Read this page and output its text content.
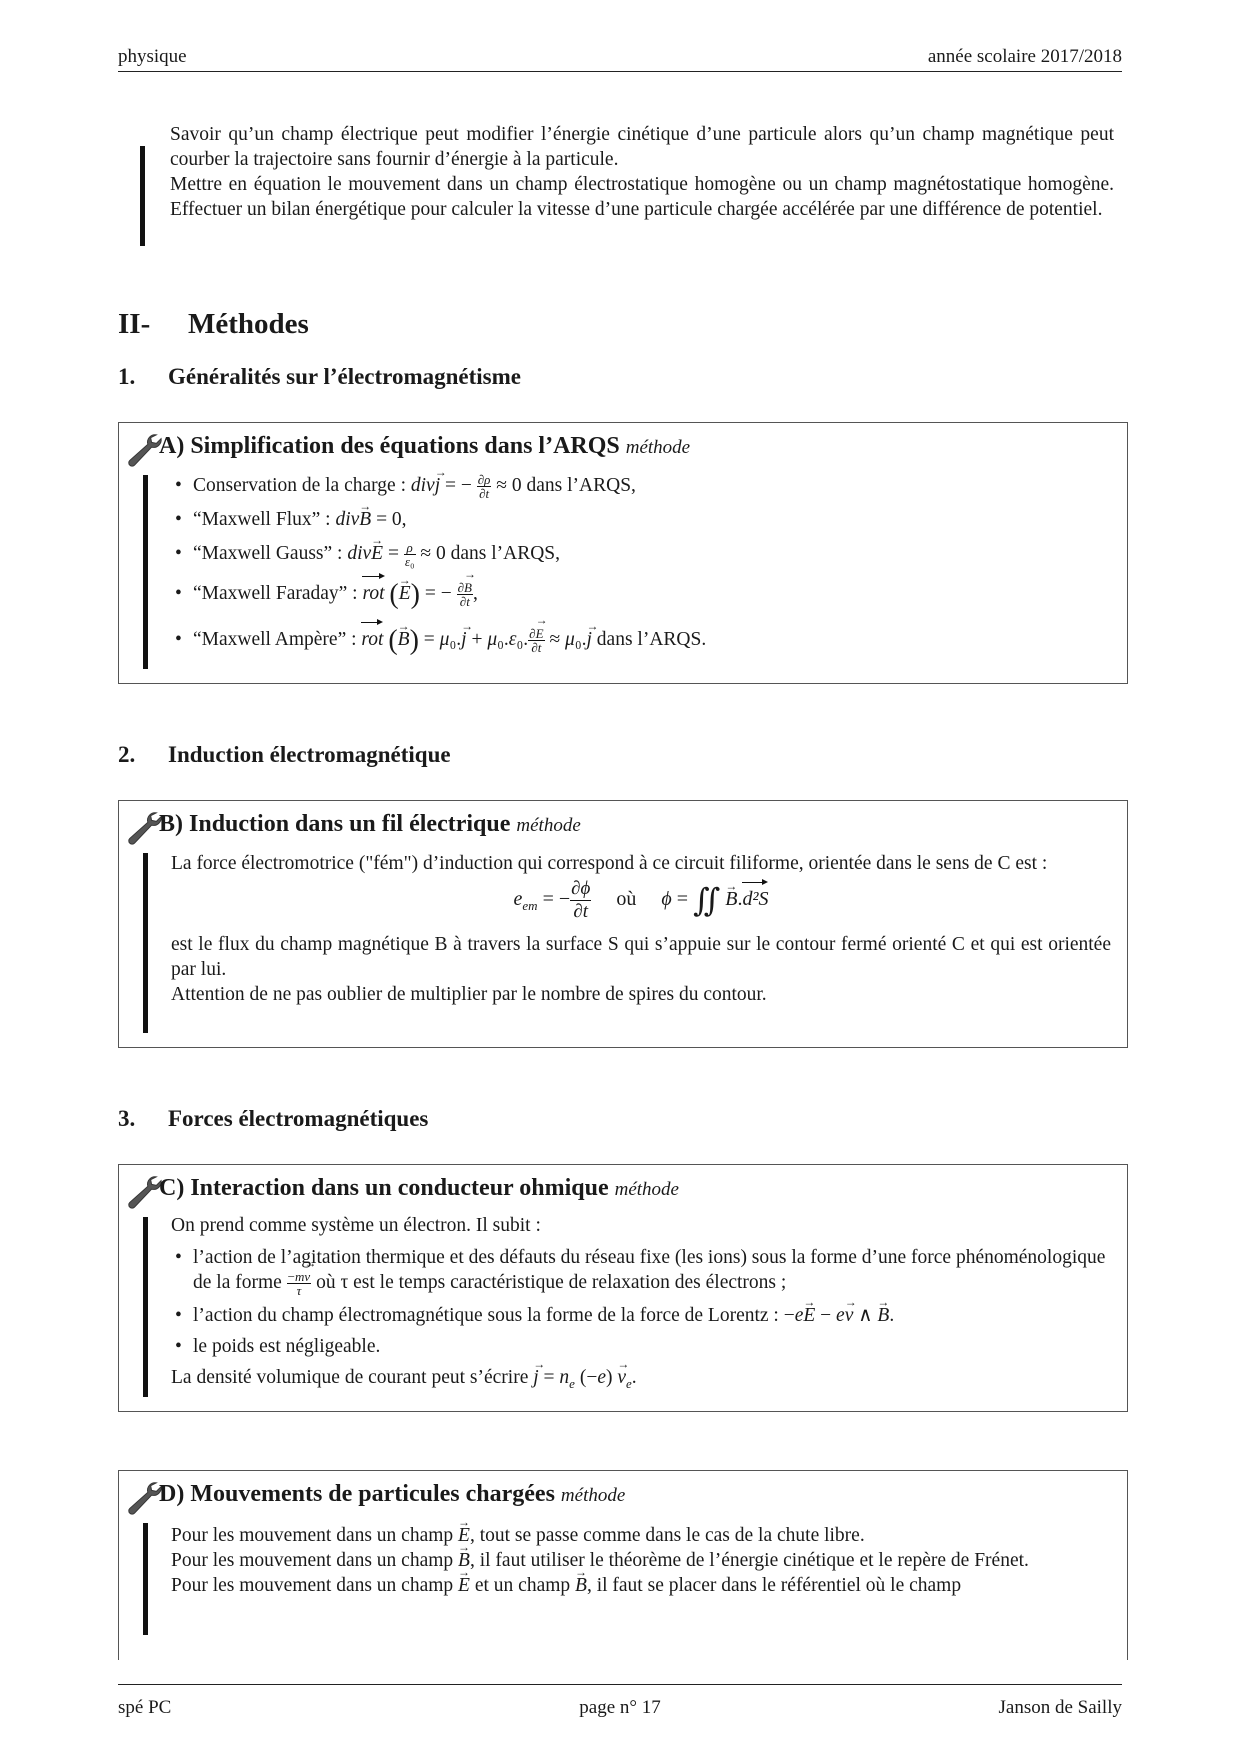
physique	année scolaire 2017/2018

Savoir qu’un champ électrique peut modifier l’énergie cinétique d’une particule alors qu’un champ magnétique peut courber la trajectoire sans fournir d’énergie à la particule.

Mettre en équation le mouvement dans un champ électrostatique homogène ou un champ magnétostatique homogène. Effectuer un bilan énergétique pour calculer la vitesse d’une particule chargée accélérée par une différence de potentiel.

II- Méthodes
1. Généralités sur l’électromagnétisme
A) Simplification des équations dans l’ARQS méthode
• Conservation de la charge : div→ j = − $\frac{\partial\rho}{\partial t} \approx 0$ dans l’ARQS,
• “Maxwell Flux” : div→ B = 0,
• “Maxwell Gauss” : $div\to E = \frac{\rho}{\text{ε₀}} \approx 0$ dans l’ARQS,
• “Maxwell Faraday” : rot (→ E) = − $\frac{\partial\to B}{\partial t}$ ,
• “Maxwell Ampère” : rot (→ B) = μ₀.→ j + μ₀.ε₀. $\frac{\partial\to E}{\partial t} \approx \mu_0.\to j$ dans l’ARQS.
2. Induction électromagnétique
B) Induction dans un fil électrique méthode

La force électromotrice ("fém") d’induction qui correspond à ce circuit filiforme, orientée dans le sens de C est :

$e_{em}$ = − $\frac{\partial\phi}{\partial t}$ où ϕ = ∬ → B.d²S

est le flux du champ magnétique B à travers la surface S qui s’appuie sur le contour fermé orienté C et qui est orientée par lui.

Attention de ne pas oublier de multiplier par le nombre de spires du contour.

3. Forces électromagnétiques
C) Interaction dans un conducteur ohmique méthode

On prend comme système un électron. Il subit :

• l’action de l’agitation thermique et des défauts du réseau fixe (les ions) sous la forme d’une force phénoménologique de la forme $\frac{-m\to v}{\tau}$ où τ est le temps caractéristique de relaxation des électrons ;
• l’action du champ électromagnétique sous la forme de la force de Lorentz : −e→ E − e→ v ∧ → B.
• le poids est négligeable.

La densité volumique de courant peut s’écrire → $j = n_e$ $(-e) \to v_e$.

D) Mouvements de particules chargées méthode

Pour les mouvement dans un champ → E, tout se passe comme dans le cas de la chute libre.

Pour les mouvement dans un champ → B, il faut utiliser le théorème de l’énergie cinétique et le repère de Frénet.

Pour les mouvement dans un champ → E et un champ → B, il faut se placer dans le référentiel où le champ

spé PC	page n° 17	Janson de Sailly
